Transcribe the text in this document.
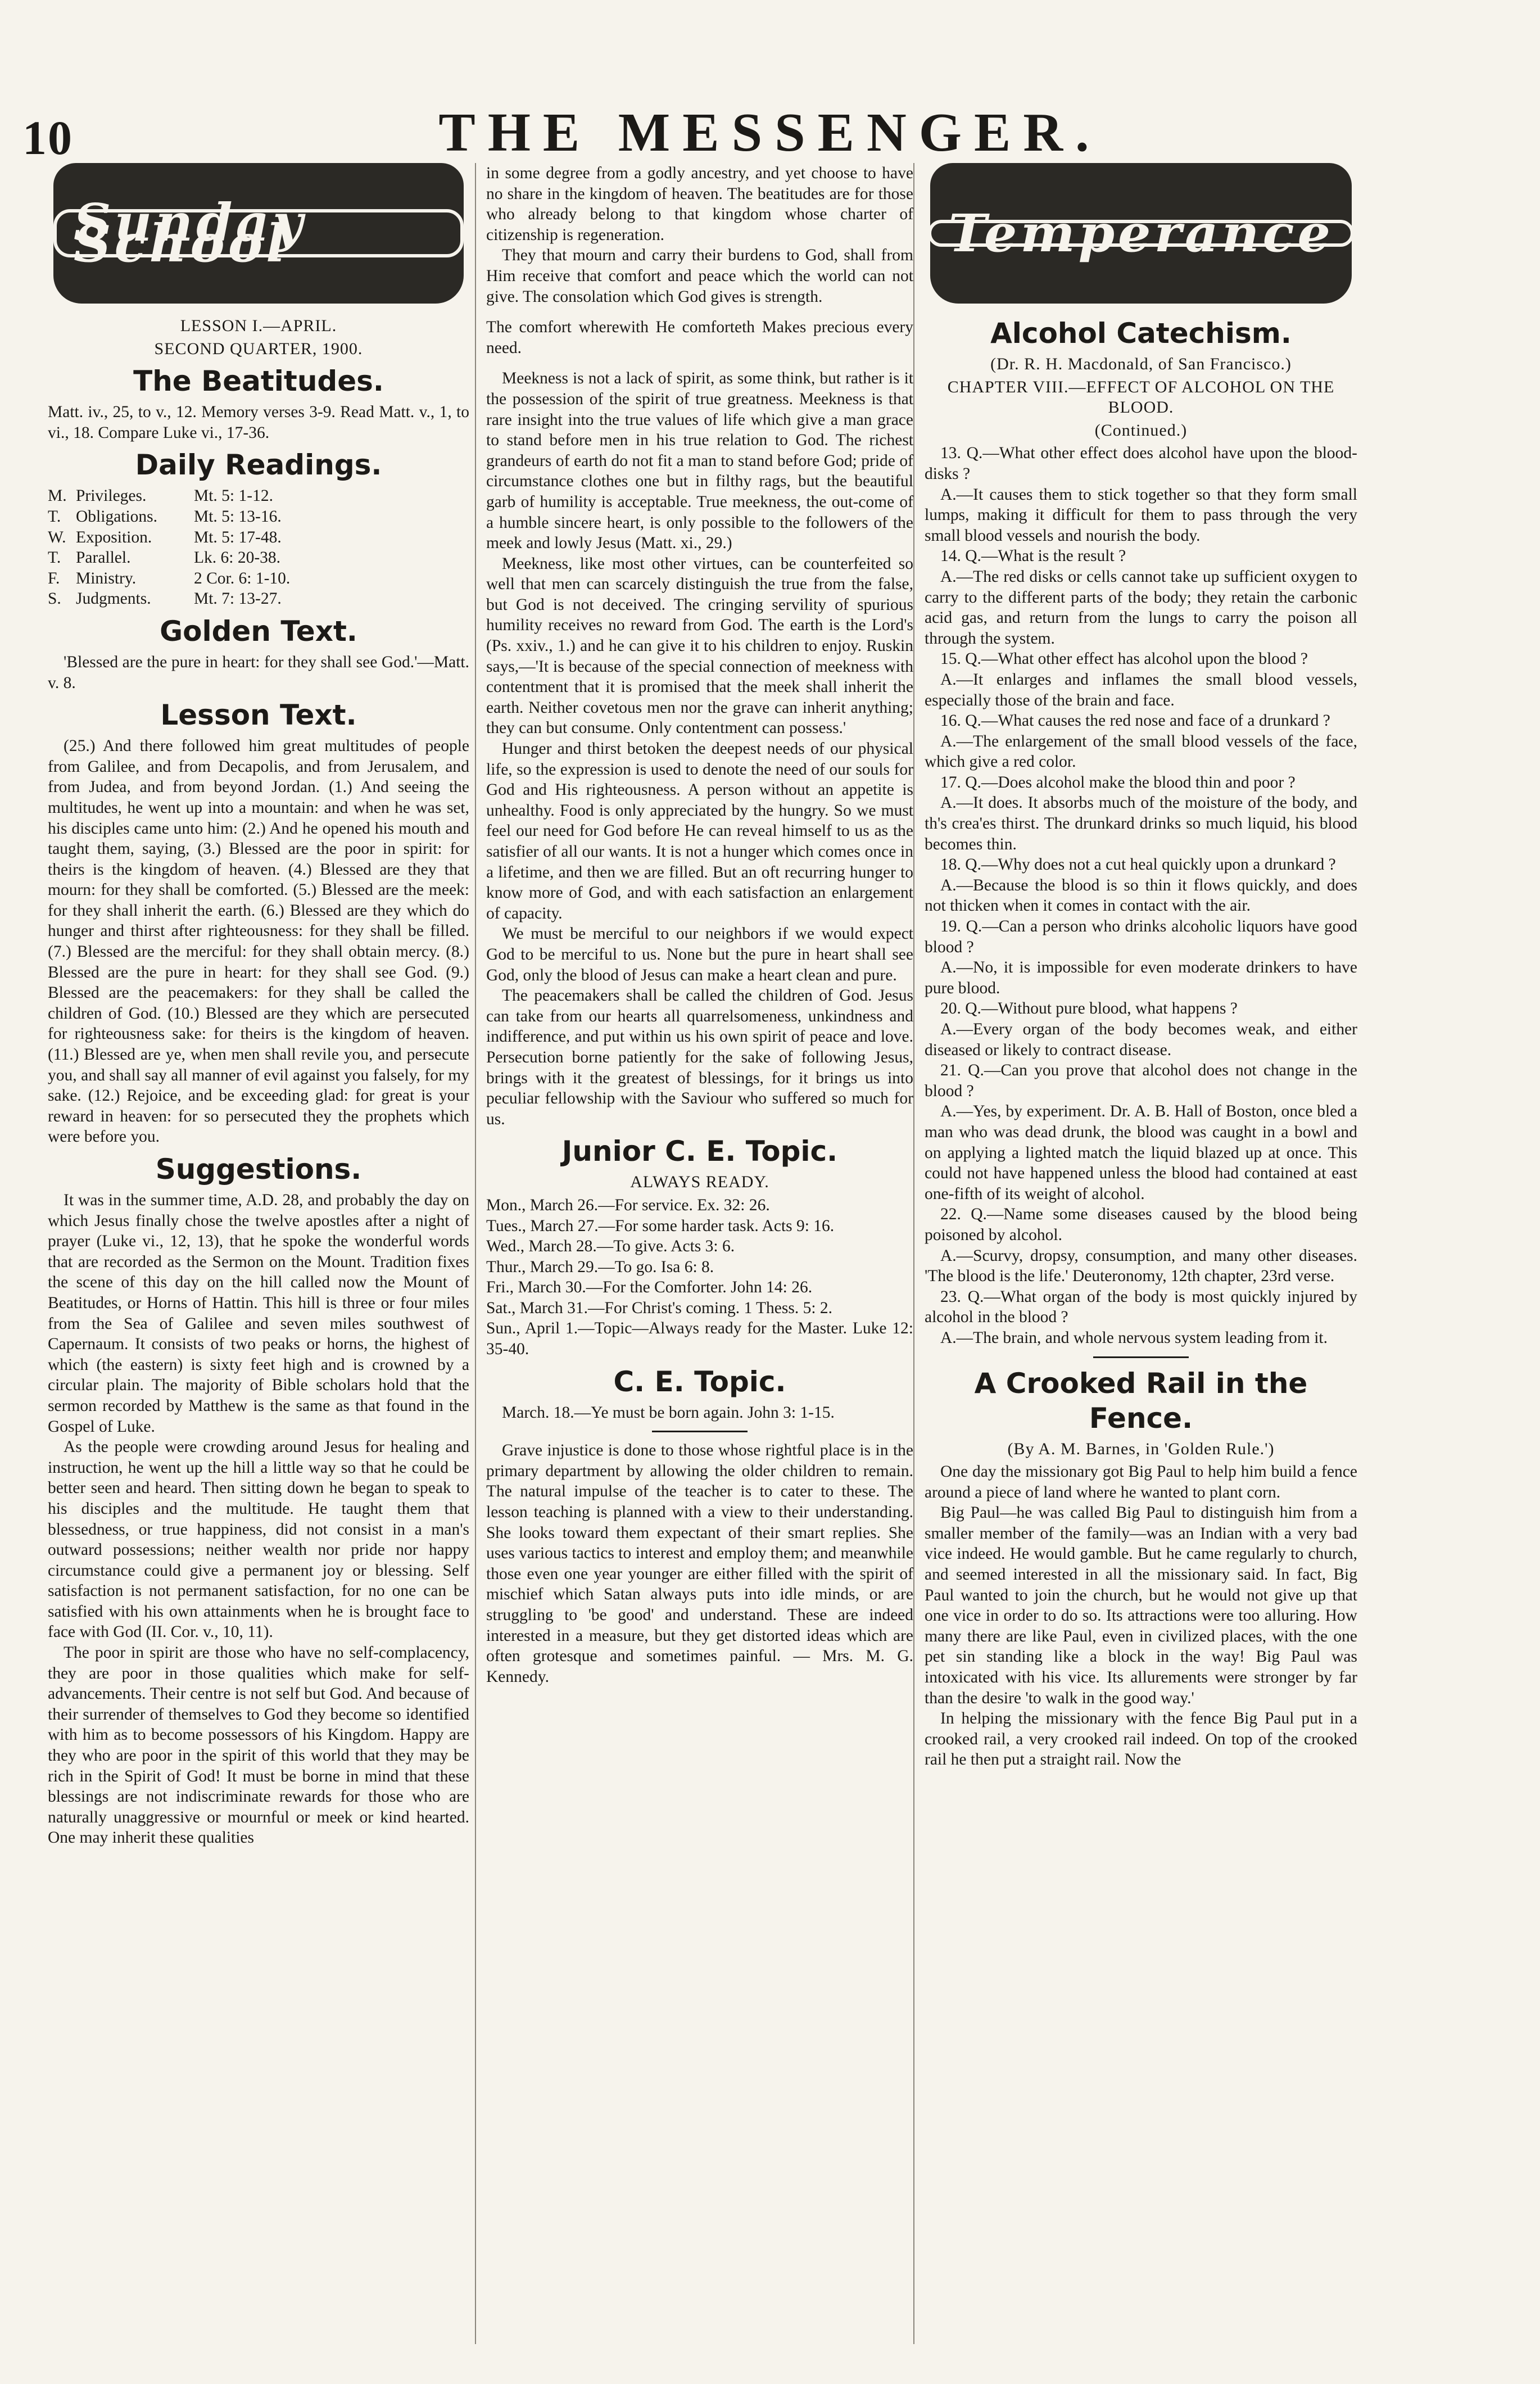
10	THE MESSENGER.
Sunday School
LESSON I.—APRIL.
SECOND QUARTER, 1900.
The Beatitudes.

Matt. iv., 25, to v., 12. Memory verses 3-9. Read Matt. v., 1, to vi., 18. Compare Luke vi., 17-36.

Daily Readings.
M.	Privileges.	Mt. 5: 1-12.
T.	Obligations.	Mt. 5: 13-16.
W.	Exposition.	Mt. 5: 17-48.
T.	Parallel.	Lk. 6: 20-38.
F.	Ministry.	2 Cor. 6: 1-10.
S.	Judgments.	Mt. 7: 13-27.
Golden Text.

'Blessed are the pure in heart: for they shall see God.'—Matt. v. 8.

Lesson Text.

(25.) And there followed him great multitudes of people from Galilee, and from Decapolis, and from Jerusalem, and from Judea, and from beyond Jordan. (1.) And seeing the multitudes, he went up into a mountain: and when he was set, his disciples came unto him: (2.) And he opened his mouth and taught them, saying, (3.) Blessed are the poor in spirit: for theirs is the kingdom of heaven. (4.) Blessed are they that mourn: for they shall be comforted. (5.) Blessed are the meek: for they shall inherit the earth. (6.) Blessed are they which do hunger and thirst after righteousness: for they shall be filled. (7.) Blessed are the merciful: for they shall obtain mercy. (8.) Blessed are the pure in heart: for they shall see God. (9.) Blessed are the peacemakers: for they shall be called the children of God. (10.) Blessed are they which are persecuted for righteousness sake: for theirs is the kingdom of heaven. (11.) Blessed are ye, when men shall revile you, and persecute you, and shall say all manner of evil against you falsely, for my sake. (12.) Rejoice, and be exceeding glad: for great is your reward in heaven: for so persecuted they the prophets which were before you.

Suggestions.

It was in the summer time, A.D. 28, and probably the day on which Jesus finally chose the twelve apostles after a night of prayer (Luke vi., 12, 13), that he spoke the wonderful words that are recorded as the Sermon on the Mount. Tradition fixes the scene of this day on the hill called now the Mount of Beatitudes, or Horns of Hattin. This hill is three or four miles from the Sea of Galilee and seven miles southwest of Capernaum. It consists of two peaks or horns, the highest of which (the eastern) is sixty feet high and is crowned by a circular plain. The majority of Bible scholars hold that the sermon recorded by Matthew is the same as that found in the Gospel of Luke.

As the people were crowding around Jesus for healing and instruction, he went up the hill a little way so that he could be better seen and heard. Then sitting down he began to speak to his disciples and the multitude. He taught them that blessedness, or true happiness, did not consist in a man's outward possessions; neither wealth nor pride nor happy circumstance could give a permanent joy or blessing. Self satisfaction is not permanent satisfaction, for no one can be satisfied with his own attainments when he is brought face to face with God (II. Cor. v., 10, 11).

The poor in spirit are those who have no self-complacency, they are poor in those qualities which make for self-advancements. Their centre is not self but God. And because of their surrender of themselves to God they become so identified with him as to become possessors of his Kingdom. Happy are they who are poor in the spirit of this world that they may be rich in the Spirit of God! It must be borne in mind that these blessings are not indiscriminate rewards for those who are naturally unaggressive or mournful or meek or kind hearted. One may inherit these qualities

in some degree from a godly ancestry, and yet choose to have no share in the kingdom of heaven. The beatitudes are for those who already belong to that kingdom whose charter of citizenship is regeneration.

They that mourn and carry their burdens to God, shall from Him receive that comfort and peace which the world can not give. The consolation which God gives is strength.

The comfort wherewith He comforteth Makes precious every need.

Meekness is not a lack of spirit, as some think, but rather is it the possession of the spirit of true greatness. Meekness is that rare insight into the true values of life which give a man grace to stand before men in his true relation to God. The richest grandeurs of earth do not fit a man to stand before God; pride of circumstance clothes one but in filthy rags, but the beautiful garb of humility is acceptable. True meekness, the out-come of a humble sincere heart, is only possible to the followers of the meek and lowly Jesus (Matt. xi., 29.)

Meekness, like most other virtues, can be counterfeited so well that men can scarcely distinguish the true from the false, but God is not deceived. The cringing servility of spurious humility receives no reward from God. The earth is the Lord's (Ps. xxiv., 1.) and he can give it to his children to enjoy. Ruskin says,—'It is because of the special connection of meekness with contentment that it is promised that the meek shall inherit the earth. Neither covetous men nor the grave can inherit anything; they can but consume. Only contentment can possess.'

Hunger and thirst betoken the deepest needs of our physical life, so the expression is used to denote the need of our souls for God and His righteousness. A person without an appetite is unhealthy. Food is only appreciated by the hungry. So we must feel our need for God before He can reveal himself to us as the satisfier of all our wants. It is not a hunger which comes once in a lifetime, and then we are filled. But an oft recurring hunger to know more of God, and with each satisfaction an enlargement of capacity.

We must be merciful to our neighbors if we would expect God to be merciful to us. None but the pure in heart shall see God, only the blood of Jesus can make a heart clean and pure.

The peacemakers shall be called the children of God. Jesus can take from our hearts all quarrelsomeness, unkindness and indifference, and put within us his own spirit of peace and love. Persecution borne patiently for the sake of following Jesus, brings with it the greatest of blessings, for it brings us into peculiar fellowship with the Saviour who suffered so much for us.

Junior C. E. Topic.
ALWAYS READY.

Mon., March 26.—For service. Ex. 32: 26.

Tues., March 27.—For some harder task. Acts 9: 16.

Wed., March 28.—To give. Acts 3: 6.

Thur., March 29.—To go. Isa 6: 8.

Fri., March 30.—For the Comforter. John 14: 26.

Sat., March 31.—For Christ's coming. 1 Thess. 5: 2.

Sun., April 1.—Topic—Always ready for the Master. Luke 12: 35-40.

C. E. Topic.

March. 18.—Ye must be born again. John 3: 1-15.

Grave injustice is done to those whose rightful place is in the primary department by allowing the older children to remain. The natural impulse of the teacher is to cater to these. The lesson teaching is planned with a view to their understanding. She looks toward them expectant of their smart replies. She uses various tactics to interest and employ them; and meanwhile those even one year younger are either filled with the spirit of mischief which Satan always puts into idle minds, or are struggling to 'be good' and understand. These are indeed interested in a measure, but they get distorted ideas which are often grotesque and sometimes painful. — Mrs. M. G. Kennedy.

Temperance
Alcohol Catechism.
(Dr. R. H. Macdonald, of San Francisco.)
CHAPTER VIII.—EFFECT OF ALCOHOL ON THE BLOOD.
(Continued.)

13. Q.—What other effect does alcohol have upon the blood-disks ?

A.—It causes them to stick together so that they form small lumps, making it difficult for them to pass through the very small blood vessels and nourish the body.

14. Q.—What is the result ?

A.—The red disks or cells cannot take up sufficient oxygen to carry to the different parts of the body; they retain the carbonic acid gas, and return from the lungs to carry the poison all through the system.

15. Q.—What other effect has alcohol upon the blood ?

A.—It enlarges and inflames the small blood vessels, especially those of the brain and face.

16. Q.—What causes the red nose and face of a drunkard ?

A.—The enlargement of the small blood vessels of the face, which give a red color.

17. Q.—Does alcohol make the blood thin and poor ?

A.—It does. It absorbs much of the moisture of the body, and th's crea'es thirst. The drunkard drinks so much liquid, his blood becomes thin.

18. Q.—Why does not a cut heal quickly upon a drunkard ?

A.—Because the blood is so thin it flows quickly, and does not thicken when it comes in contact with the air.

19. Q.—Can a person who drinks alcoholic liquors have good blood ?

A.—No, it is impossible for even moderate drinkers to have pure blood.

20. Q.—Without pure blood, what happens ?

A.—Every organ of the body becomes weak, and either diseased or likely to contract disease.

21. Q.—Can you prove that alcohol does not change in the blood ?

A.—Yes, by experiment. Dr. A. B. Hall of Boston, once bled a man who was dead drunk, the blood was caught in a bowl and on applying a lighted match the liquid blazed up at once. This could not have happened unless the blood had contained at east one-fifth of its weight of alcohol.

22. Q.—Name some diseases caused by the blood being poisoned by alcohol.

A.—Scurvy, dropsy, consumption, and many other diseases. 'The blood is the life.' Deuteronomy, 12th chapter, 23rd verse.

23. Q.—What organ of the body is most quickly injured by alcohol in the blood ?

A.—The brain, and whole nervous system leading from it.

A Crooked Rail in the Fence.
(By A. M. Barnes, in 'Golden Rule.')

One day the missionary got Big Paul to help him build a fence around a piece of land where he wanted to plant corn.

Big Paul—he was called Big Paul to distinguish him from a smaller member of the family—was an Indian with a very bad vice indeed. He would gamble. But he came regularly to church, and seemed interested in all the missionary said. In fact, Big Paul wanted to join the church, but he would not give up that one vice in order to do so. Its attractions were too alluring. How many there are like Paul, even in civilized places, with the one pet sin standing like a block in the way! Big Paul was intoxicated with his vice. Its allurements were stronger by far than the desire 'to walk in the good way.'

In helping the missionary with the fence Big Paul put in a crooked rail, a very crooked rail indeed. On top of the crooked rail he then put a straight rail. Now the
